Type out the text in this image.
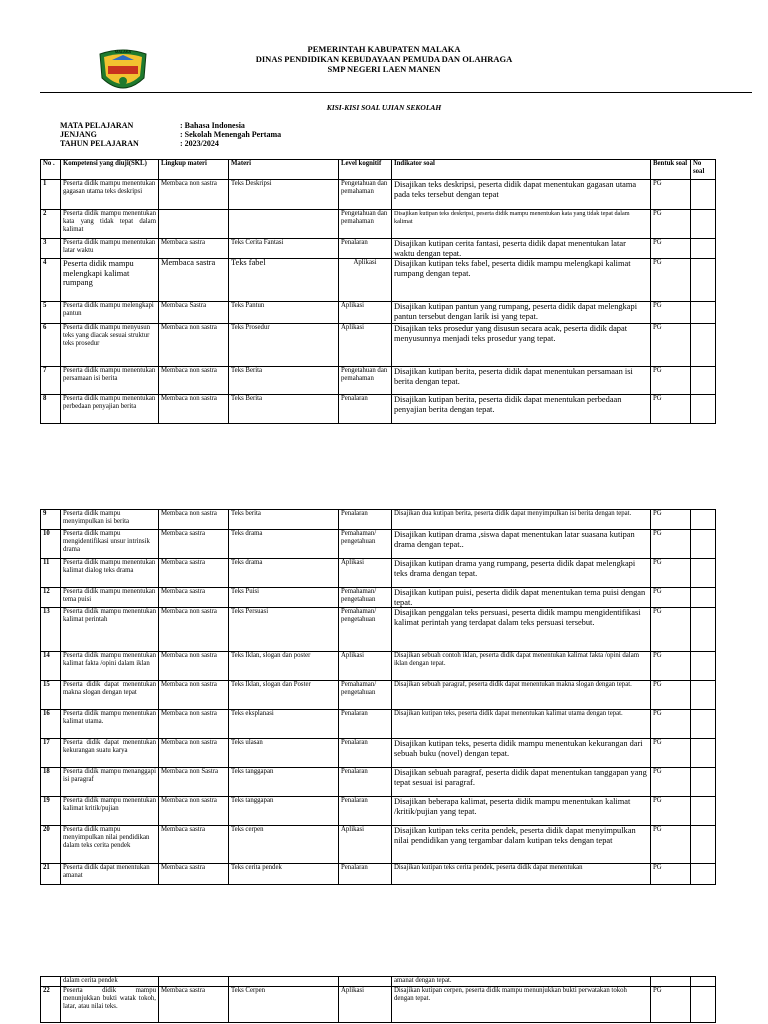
MALAKA	PEMERINTAH KABUPATEN MALAKA
DINAS PENDIDIKAN KEBUDAYAAN PEMUDA DAN OLAHRAGA
SMP NEGERI LAEN MANEN
KISI-KISI SOAL UJIAN SEKOLAH
MATA PELAJARAN	: Bahasa Indonesia
JENJANG	: Sekolah Menengah Pertama
TAHUN PELAJARAN	: 2023/2024
No .	Kompetensi yang diuji(SKL)	Lingkup materi	Materi	Level kognitif	Indikator soal	Bentuk soal	No soal
1	Peserta didik mampu menentukan gagasan utama teks deskripsi	Membaca non sastra	Teks Deskripsi	Pengetahuan dan pemahaman	Disajikan teks deskripsi, peserta didik dapat menentukan gagasan utama pada teks tersebut dengan tepat	PG	
2	Peserta didik mampu menentukan kata yang tidak tepat dalam kalimat			Pengetahuan dan pemahaman	Disajikan kutipan teks deskripsi, peserta didik mampu menentukan kata yang tidak tepat dalam kalimat	PG	
3	Peserta didik mampu menentukan latar waktu	Membaca sastra	Teks Cerita Fantasi	Penalaran	Disajikan kutipan cerita fantasi, peserta didik dapat menentukan latar waktu dengan tepat.	PG	
4	Peserta didik mampu melengkapi kalimat rumpang	Membaca sastra	Teks fabel	Aplikasi	Disajikan kutipan teks fabel, peserta didik mampu melengkapi kalimat rumpang dengan tepat.	PG	
5	Peserta didik mampu melengkapi pantun	Membaca Sastra	Teks Pantun	Aplikasi	Disajikan kutipan pantun yang rumpang, peserta didik dapat melengkapi pantun tersebut dengan larik isi yang tepat.	PG	
6	Peserta didik mampu menyusun teks yang diacak sesuai struktur teks prosedur	Membaca non sastra	Teks Prosedur	Aplikasi	Disajikan teks prosedur yang disusun secara acak, peserta didik dapat menyusunnya menjadi teks prosedur yang tepat.	PG	
7	Peserta didik mampu menentukan persamaan isi berita	Membaca non sastra	Teks Berita	Pengetahuan dan pemahaman	Disajikan kutipan berita, peserta didik dapat menentukan persamaan isi berita dengan tepat.	PG	
8	Peserta didik mampu menentukan perbedaan penyajian berita	Membaca non sastra	Teks Berita	Penalaran	Disajikan kutipan berita, peserta didik dapat menentukan perbedaan penyajian berita dengan tepat.	PG	
9	Peserta didik mampu menyimpulkan isi berita	Membaca non sastra	Teks berita	Penalaran	Disajikan dua kutipan berita, peserta didik dapat menyimpulkan isi berita dengan tepat.	PG	
10	Peserta didik mampu mengidentifikasi unsur intrinsik drama	Membaca sastra	Teks drama	Pemahaman/ pengetahuan	Disajikan kutipan drama ,siswa dapat menentukan latar suasana kutipan drama dengan tepat..	PG	
11	Peserta didik mampu menentukan kalimat dialog teks drama	Membaca sastra	Teks drama	Aplikasi	Disajikan kutipan drama yang rumpang, peserta didik dapat melengkapi teks drama dengan tepat.	PG	
12	Peserta didik mampu menentukan tema puisi	Membaca sastra	Teks Puisi	Pemahaman/ pengetahuan	Disajikan kutipan puisi, peserta didik dapat menentukan tema puisi dengan tepat.	PG	
13	Peserta didik mampu menentukan kalimat perintah	Membaca non sastra	Teks Persuasi	Pemahaman/ pengetahuan	Disajikan penggalan teks persuasi, peserta didik mampu mengidentifikasi kalimat perintah yang terdapat dalam teks persuasi tersebut.	PG	
14	Peserta didik mampu menentukan kalimat fakta /opini dalam iklan	Membaca non sastra	Teks Iklan, slogan dan poster	Aplikasi	Disajikan sebuah contoh iklan, peserta didik dapat menentukan kalimat fakta /opini dalam iklan dengan tepat.	PG	
15	Peserta didik dapat menentukan makna slogan dengan tepat	Membaca non sastra	Teks Iklan, slogan dan Poster	Pemahaman/ pengetahuan	Disajikan sebuah paragraf, peserta didik dapat menentukan makna slogan dengan tepat.	PG	
16	Peserta didik mampu menentukan kalimat utama.	Membaca non sastra	Teks eksplanasi	Penalaran	Disajikan kutipan teks, peserta didik dapat menentukan kalimat utama dengan tepat.	PG	
17	Peserta didik dapat menentukan kekurangan suatu karya	Membaca non sastra	Teks ulasan	Penalaran	Disajikan kutipan teks, peserta didik mampu menentukan kekurangan dari sebuah buku (novel) dengan tepat.	PG	
18	Peserta didik mampu menanggapi isi paragraf	Membaca non Sastra	Teks tanggapan	Penalaran	Disajikan sebuah paragraf, peserta didik dapat menentukan tanggapan yang tepat sesuai isi paragraf.	PG	
19	Peserta didik mampu menentukan kalimat kritik/pujian	Membaca non sastra	Teks tanggapan	Penalaran	Disajikan beberapa kalimat, peserta didik mampu menentukan kalimat /kritik/pujian yang tepat.	PG	
20	Peserta didik mampu menyimpulkan nilai pendidikan dalam teks cerita pendek	Membaca sastra	Teks cerpen	Aplikasi	Disajikan kutipan teks cerita pendek, peserta didik dapat menyimpulkan nilai pendidikan yang tergambar dalam kutipan teks dengan tepat	PG	
21	Peserta didik dapat menentukan amanat	Membaca sastra	Teks cerita pendek	Penalaran	Disajikan kutipan teks cerita pendek, peserta didik dapat menentukan	PG	
	dalam cerita pendek				amanat dengan tepat.		
22	Peserta didik mampu menunjukkan bukti watak tokoh, latar, atau nilai teks.	Membaca sastra	Teks Cerpen	Aplikasi	Disajikan kutipan cerpen, peserta didik mampu menunjukkan bukti perwatakan tokoh dengan tepat.	PG	
